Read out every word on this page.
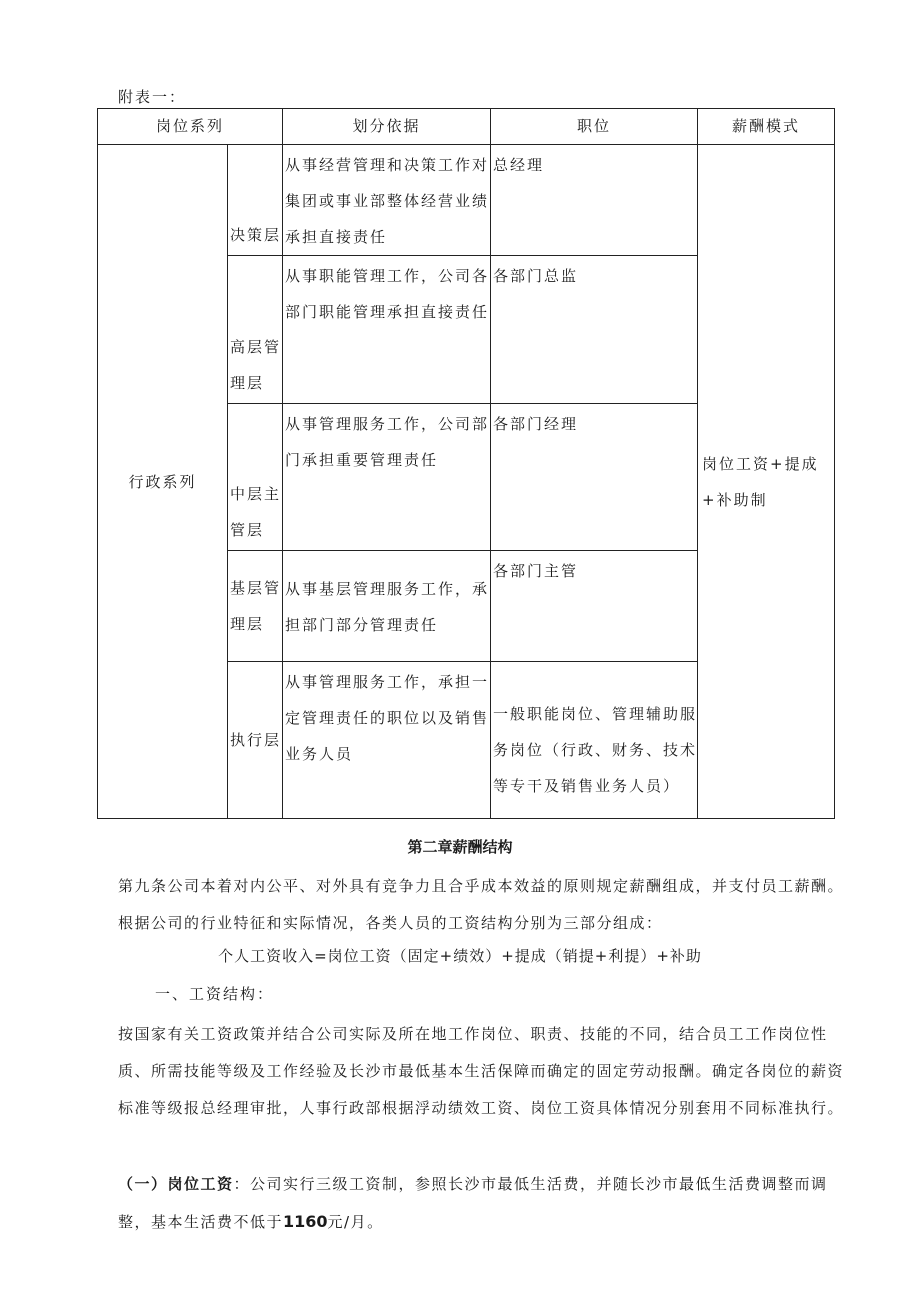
附表一：
岗位系列		划分依据	职位	薪酬模式
行政系列	决策层	从事经营管理和决策工作对集团或事业部整体经营业绩承担直接责任	总经理	岗位工资+提成+补助制
	高层管理层	从事职能管理工作，公司各部门职能管理承担直接责任	各部门总监	
	中层主管层	从事管理服务工作，公司部门承担重要管理责任	各部门经理	
	基层管理层	从事基层管理服务工作，承担部门部分管理责任	各部门主管	
	执行层	从事管理服务工作，承担一定管理责任的职位以及销售业务人员	一般职能岗位、管理辅助服务岗位（行政、财务、技术等专干及销售业务人员）	
第二章薪酬结构

第九条公司本着对内公平、对外具有竞争力且合乎成本效益的原则规定薪酬组成，并支付员工薪酬。根据公司的行业特征和实际情况，各类人员的工资结构分别为三部分组成：

个人工资收入=岗位工资（固定+绩效）+提成（销提+利提）+补助
一、工资结构：

按国家有关工资政策并结合公司实际及所在地工作岗位、职责、技能的不同，结合员工工作岗位性质、所需技能等级及工作经验及长沙市最低基本生活保障而确定的固定劳动报酬。确定各岗位的薪资标准等级报总经理审批，人事行政部根据浮动绩效工资、岗位工资具体情况分别套用不同标准执行。

（一）岗位工资：公司实行三级工资制，参照长沙市最低生活费，并随长沙市最低生活费调整而调整，基本生活费不低于1160元/月。
